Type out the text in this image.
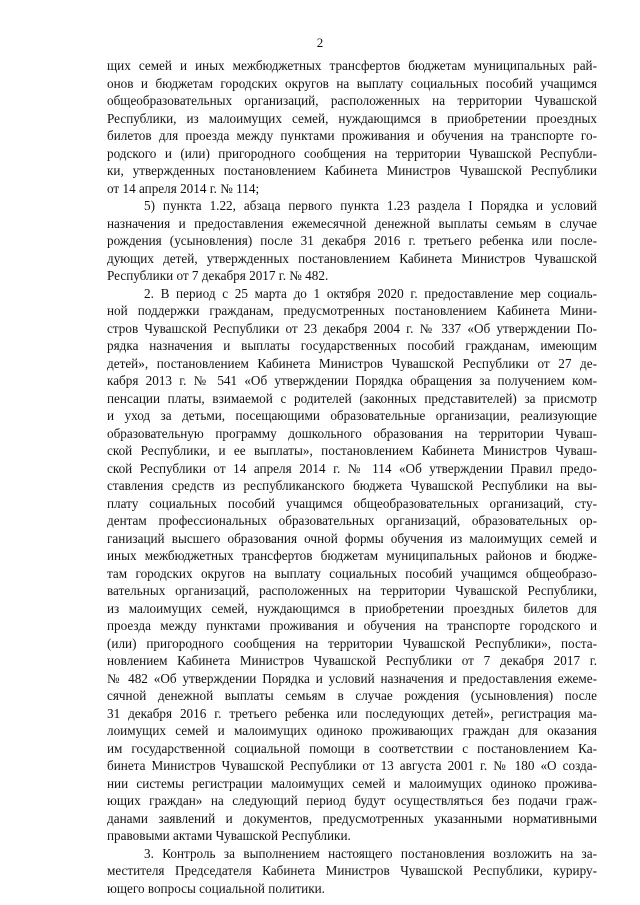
2
щих семей и иных межбюджетных трансфертов бюджетам муниципальных рай-
онов и бюджетам городских округов на выплату социальных пособий учащимся
общеобразовательных организаций, расположенных на территории Чувашской
Республики, из малоимущих семей, нуждающимся в приобретении проездных
билетов для проезда между пунктами проживания и обучения на транспорте го-
родского и (или) пригородного сообщения на территории Чувашской Республи-
ки, утвержденных постановлением Кабинета Министров Чувашской Республики
от 14 апреля 2014 г. № 114;
5) пункта 1.22, абзаца первого пункта 1.23 раздела I Порядка и условий
назначения и предоставления ежемесячной денежной выплаты семьям в случае
рождения (усыновления) после 31 декабря 2016 г. третьего ребенка или после-
дующих детей, утвержденных постановлением Кабинета Министров Чувашской
Республики от 7 декабря 2017 г. № 482.
2. В период с 25 марта до 1 октября 2020 г. предоставление мер социаль-
ной поддержки гражданам, предусмотренных постановлением Кабинета Мини-
стров Чувашской Республики от 23 декабря 2004 г. № 337 «Об утверждении По-
рядка назначения и выплаты государственных пособий гражданам, имеющим
детей», постановлением Кабинета Министров Чувашской Республики от 27 де-
кабря 2013 г. № 541 «Об утверждении Порядка обращения за получением ком-
пенсации платы, взимаемой с родителей (законных представителей) за присмотр
и уход за детьми, посещающими образовательные организации, реализующие
образовательную программу дошкольного образования на территории Чуваш-
ской Республики, и ее выплаты», постановлением Кабинета Министров Чуваш-
ской Республики от 14 апреля 2014 г. № 114 «Об утверждении Правил предо-
ставления средств из республиканского бюджета Чувашской Республики на вы-
плату социальных пособий учащимся общеобразовательных организаций, сту-
дентам профессиональных образовательных организаций, образовательных ор-
ганизаций высшего образования очной формы обучения из малоимущих семей и
иных межбюджетных трансфертов бюджетам муниципальных районов и бюдже-
там городских округов на выплату социальных пособий учащимся общеобразо-
вательных организаций, расположенных на территории Чувашской Республики,
из малоимущих семей, нуждающимся в приобретении проездных билетов для
проезда между пунктами проживания и обучения на транспорте городского и
(или) пригородного сообщения на территории Чувашской Республики», поста-
новлением Кабинета Министров Чувашской Республики от 7 декабря 2017 г.
№ 482 «Об утверждении Порядка и условий назначения и предоставления ежеме-
сячной денежной выплаты семьям в случае рождения (усыновления) после
31 декабря 2016 г. третьего ребенка или последующих детей», регистрация ма-
лоимущих семей и малоимущих одиноко проживающих граждан для оказания
им государственной социальной помощи в соответствии с постановлением Ка-
бинета Министров Чувашской Республики от 13 августа 2001 г. № 180 «О созда-
нии системы регистрации малоимущих семей и малоимущих одиноко прожива-
ющих граждан» на следующий период будут осуществляться без подачи граж-
данами заявлений и документов, предусмотренных указанными нормативными
правовыми актами Чувашской Республики.
3. Контроль за выполнением настоящего постановления возложить на за-
местителя Председателя Кабинета Министров Чувашской Республики, куриру-
ющего вопросы социальной политики.
